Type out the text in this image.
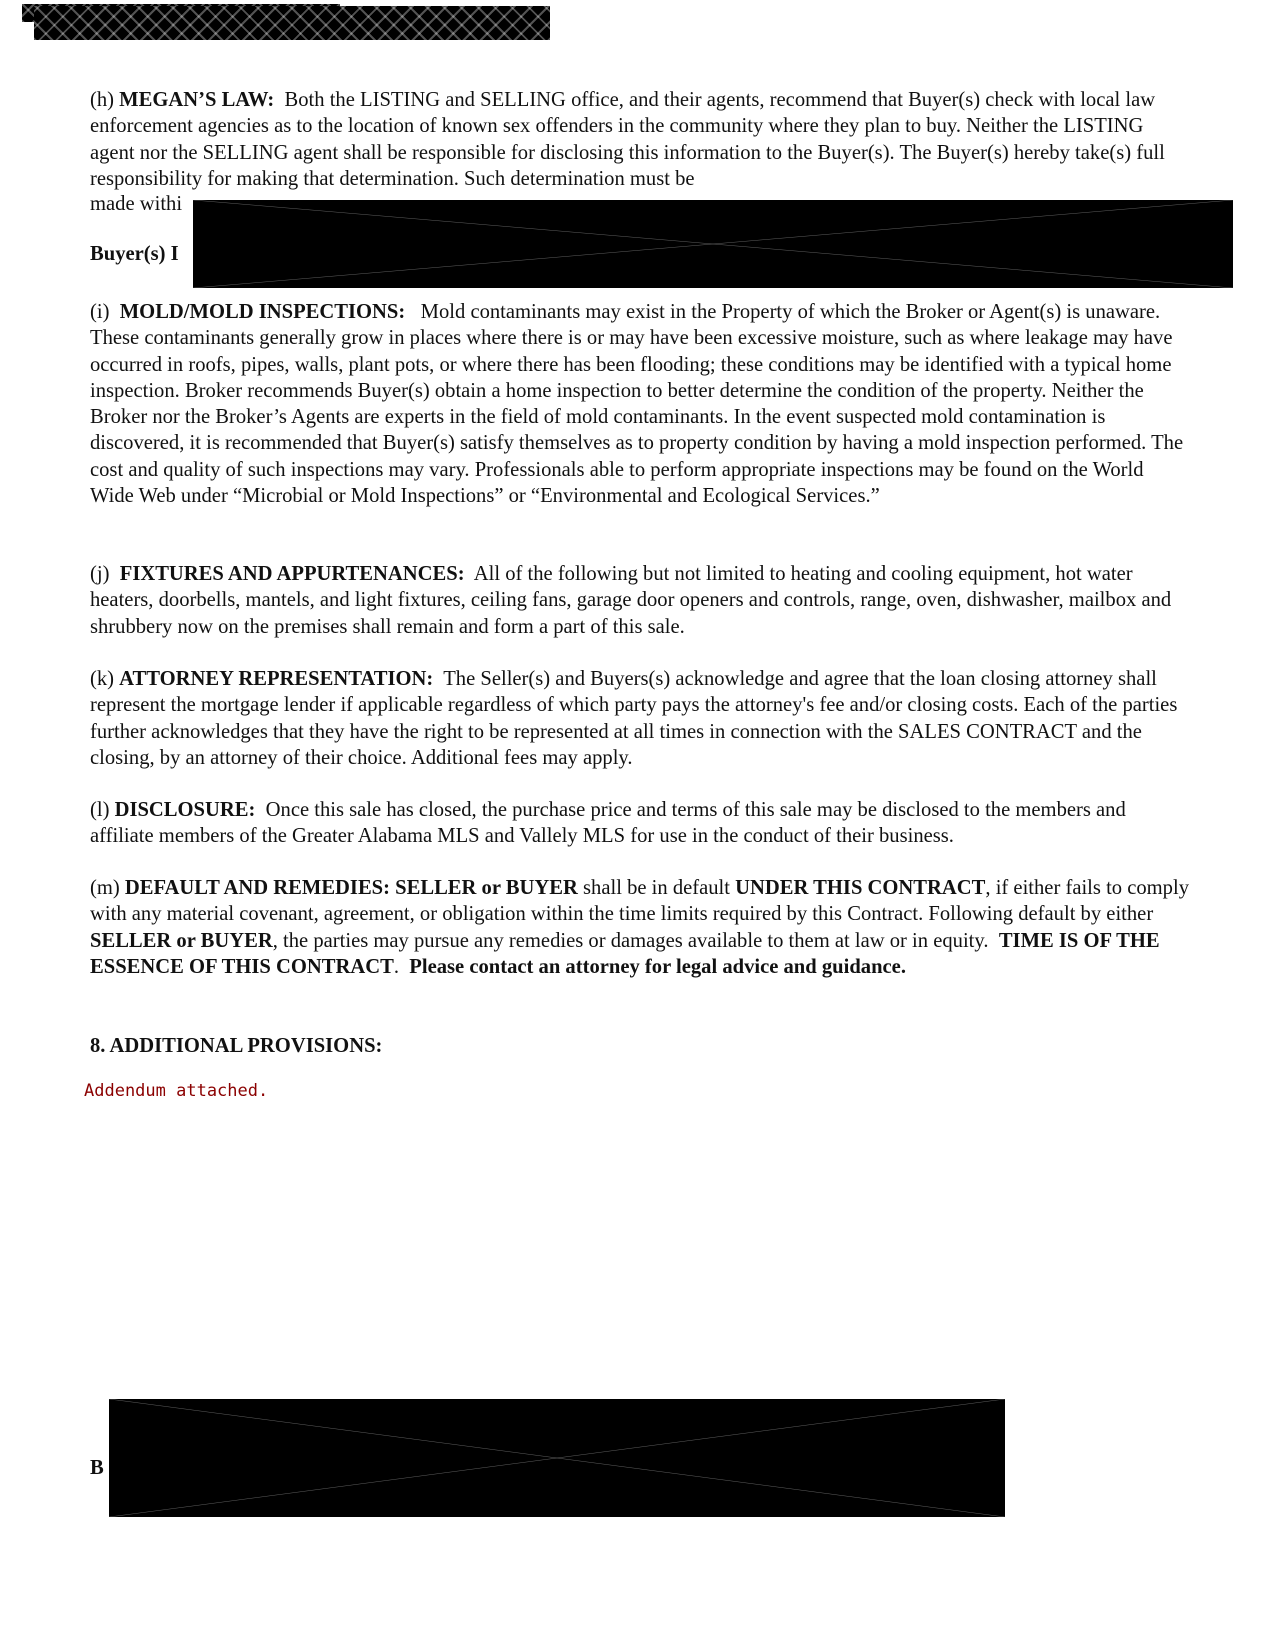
(h) MEGAN’S LAW: Both the LISTING and SELLING office, and their agents, recommend that Buyer(s) check with local law enforcement agencies as to the location of known sex offenders in the community where they plan to buy. Neither the LISTING agent nor the SELLING agent shall be responsible for disclosing this information to the Buyer(s). The Buyer(s) hereby take(s) full responsibility for making that determination. Such determination must be
made withi
Buyer(s) I
(i) MOLD/MOLD INSPECTIONS: Mold contaminants may exist in the Property of which the Broker or Agent(s) is unaware. These contaminants generally grow in places where there is or may have been excessive moisture, such as where leakage may have occurred in roofs, pipes, walls, plant pots, or where there has been flooding; these conditions may be identified with a typical home inspection. Broker recommends Buyer(s) obtain a home inspection to better determine the condition of the property. Neither the Broker nor the Broker’s Agents are experts in the field of mold contaminants. In the event suspected mold contamination is discovered, it is recommended that Buyer(s) satisfy themselves as to property condition by having a mold inspection performed. The cost and quality of such inspections may vary. Professionals able to perform appropriate inspections may be found on the World Wide Web under “Microbial or Mold Inspections” or “Environmental and Ecological Services.”
(j) FIXTURES AND APPURTENANCES: All of the following but not limited to heating and cooling equipment, hot water heaters, doorbells, mantels, and light fixtures, ceiling fans, garage door openers and controls, range, oven, dishwasher, mailbox and shrubbery now on the premises shall remain and form a part of this sale.
(k) ATTORNEY REPRESENTATION: The Seller(s) and Buyers(s) acknowledge and agree that the loan closing attorney shall represent the mortgage lender if applicable regardless of which party pays the attorney's fee and/or closing costs. Each of the parties further acknowledges that they have the right to be represented at all times in connection with the SALES CONTRACT and the closing, by an attorney of their choice. Additional fees may apply.
(l) DISCLOSURE: Once this sale has closed, the purchase price and terms of this sale may be disclosed to the members and affiliate members of the Greater Alabama MLS and Vallely MLS for use in the conduct of their business.
(m) DEFAULT AND REMEDIES: SELLER or BUYER shall be in default UNDER THIS CONTRACT, if either fails to comply with any material covenant, agreement, or obligation within the time limits required by this Contract. Following default by either SELLER or BUYER, the parties may pursue any remedies or damages available to them at law or in equity. TIME IS OF THE ESSENCE OF THIS CONTRACT. Please contact an attorney for legal advice and guidance.
8. ADDITIONAL PROVISIONS:
Addendum attached.
B
